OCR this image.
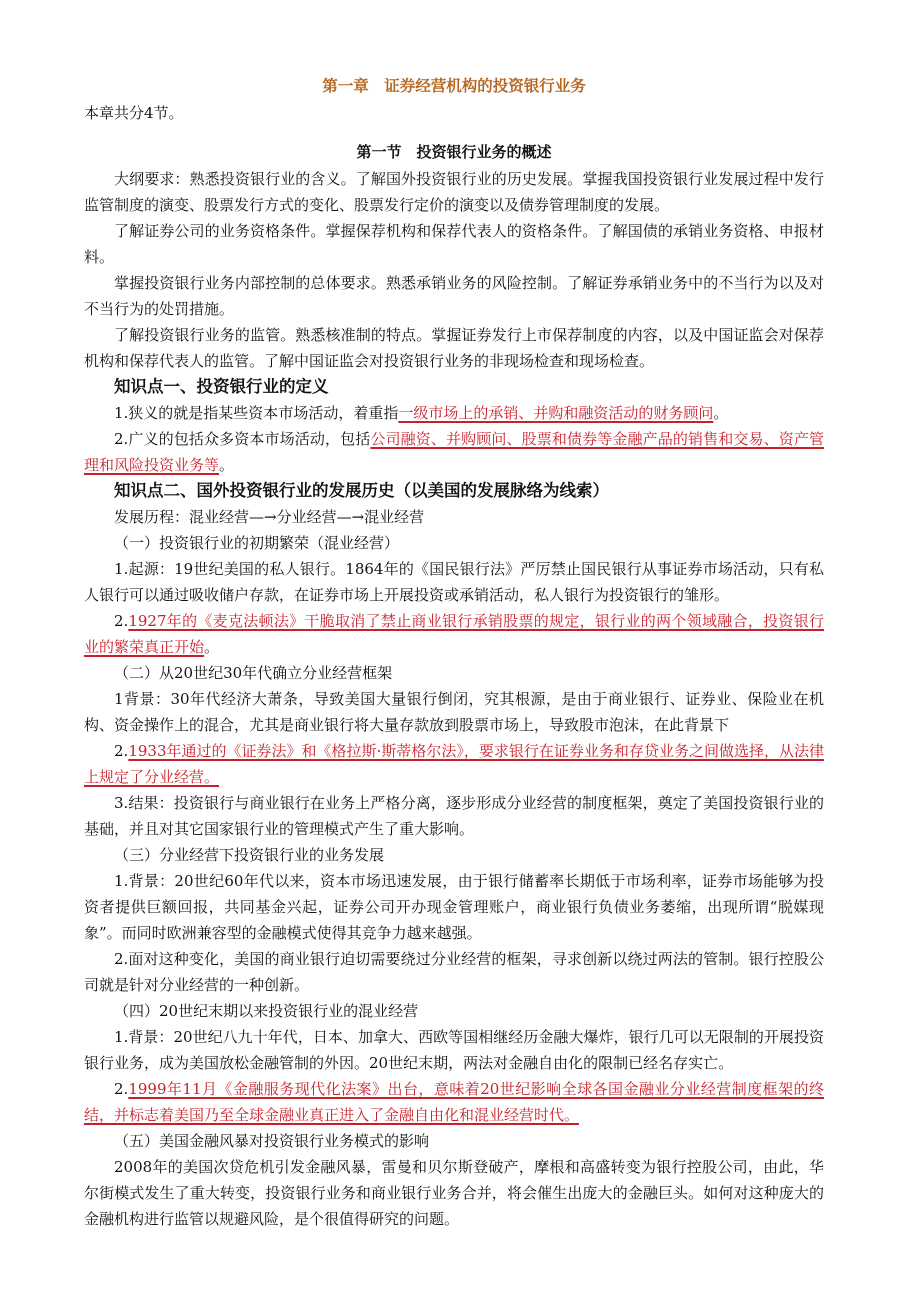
第一章　证券经营机构的投资银行业务

本章共分4节。

第一节　投资银行业务的概述

大纲要求：熟悉投资银行业的含义。了解国外投资银行业的历史发展。掌握我国投资银行业发展过程中发行监管制度的演变、股票发行方式的变化、股票发行定价的演变以及债券管理制度的发展。

了解证券公司的业务资格条件。掌握保荐机构和保荐代表人的资格条件。了解国债的承销业务资格、申报材料。

掌握投资银行业务内部控制的总体要求。熟悉承销业务的风险控制。了解证券承销业务中的不当行为以及对不当行为的处罚措施。

了解投资银行业务的监管。熟悉核准制的特点。掌握证券发行上市保荐制度的内容，以及中国证监会对保荐机构和保荐代表人的监管。了解中国证监会对投资银行业务的非现场检查和现场检查。

知识点一、投资银行业的定义

1.狭义的就是指某些资本市场活动，着重指一级市场上的承销、并购和融资活动的财务顾问。

2.广义的包括众多资本市场活动，包括公司融资、并购顾问、股票和债券等金融产品的销售和交易、资产管理和风险投资业务等。

知识点二、国外投资银行业的发展历史（以美国的发展脉络为线索）

发展历程：混业经营—→分业经营—→混业经营

（一）投资银行业的初期繁荣（混业经营）

1.起源：19世纪美国的私人银行。1864年的《国民银行法》严厉禁止国民银行从事证券市场活动，只有私人银行可以通过吸收储户存款，在证券市场上开展投资或承销活动，私人银行为投资银行的雏形。

2.1927年的《麦克法顿法》干脆取消了禁止商业银行承销股票的规定，银行业的两个领域融合，投资银行业的繁荣真正开始。

（二）从20世纪30年代确立分业经营框架

1背景：30年代经济大萧条，导致美国大量银行倒闭，究其根源，是由于商业银行、证券业、保险业在机构、资金操作上的混合，尤其是商业银行将大量存款放到股票市场上，导致股市泡沫，在此背景下

2.1933年通过的《证券法》和《格拉斯·斯蒂格尔法》，要求银行在证券业务和存贷业务之间做选择，从法律上规定了分业经营。

3.结果：投资银行与商业银行在业务上严格分离，逐步形成分业经营的制度框架，奠定了美国投资银行业的基础，并且对其它国家银行业的管理模式产生了重大影响。

（三）分业经营下投资银行业的业务发展

1.背景：20世纪60年代以来，资本市场迅速发展，由于银行储蓄率长期低于市场利率，证券市场能够为投资者提供巨额回报，共同基金兴起，证券公司开办现金管理账户，商业银行负债业务萎缩，出现所谓“脱媒现象”。而同时欧洲兼容型的金融模式使得其竞争力越来越强。

2.面对这种变化，美国的商业银行迫切需要绕过分业经营的框架，寻求创新以绕过两法的管制。银行控股公司就是针对分业经营的一种创新。

（四）20世纪末期以来投资银行业的混业经营

1.背景：20世纪八九十年代，日本、加拿大、西欧等国相继经历金融大爆炸，银行几可以无限制的开展投资银行业务，成为美国放松金融管制的外因。20世纪末期，两法对金融自由化的限制已经名存实亡。

2.1999年11月《金融服务现代化法案》出台，意味着20世纪影响全球各国金融业分业经营制度框架的终结，并标志着美国乃至全球金融业真正进入了金融自由化和混业经营时代。

（五）美国金融风暴对投资银行业务模式的影响

2008年的美国次贷危机引发金融风暴，雷曼和贝尔斯登破产，摩根和高盛转变为银行控股公司，由此，华尔街模式发生了重大转变，投资银行业务和商业银行业务合并，将会催生出庞大的金融巨头。如何对这种庞大的金融机构进行监管以规避风险，是个很值得研究的问题。
